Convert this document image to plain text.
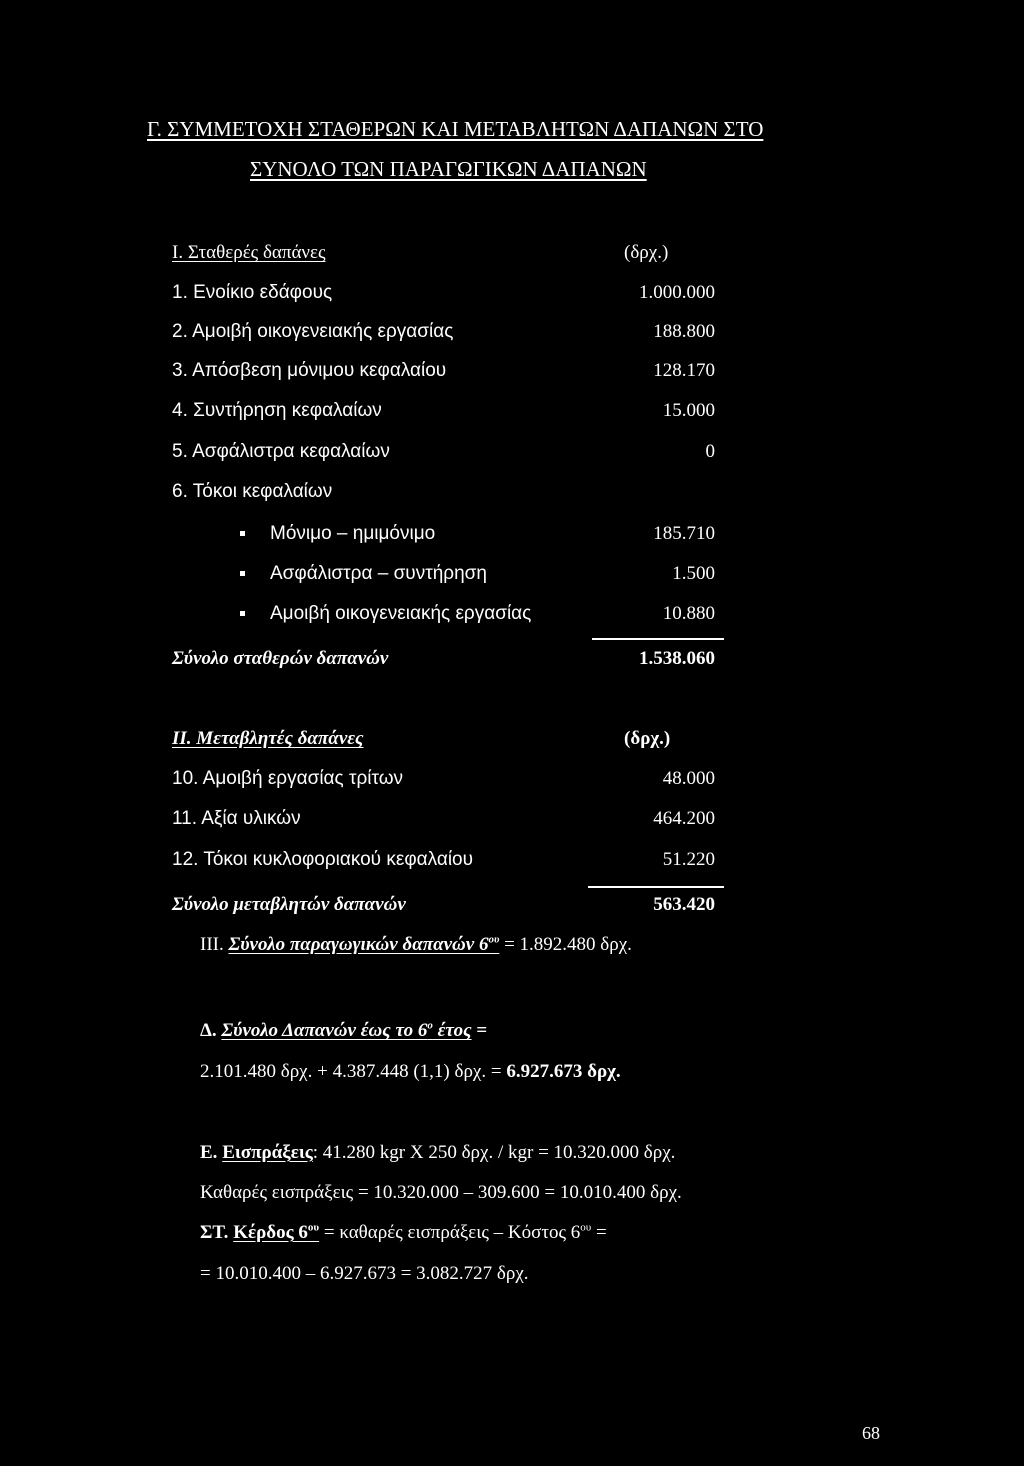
Γ. ΣΥΜΜΕΤΟΧΗ ΣΤΑΘΕΡΩΝ ΚΑΙ ΜΕΤΑΒΛΗΤΩΝ ΔΑΠΑΝΩΝ ΣΤΟ
ΣΥΝΟΛΟ ΤΩΝ ΠΑΡΑΓΩΓΙΚΩΝ ΔΑΠΑΝΩΝ
Ι. Σταθερές δαπάνες	(δρχ.)
1. Ενοίκιο εδάφους	1.000.000
2. Αμοιβή οικογενειακής εργασίας	188.800
3. Απόσβεση μόνιμου κεφαλαίου	128.170
4. Συντήρηση κεφαλαίων	15.000
5. Ασφάλιστρα κεφαλαίων	0
6. Τόκοι κεφαλαίων
Μόνιμο – ημιμόνιμο	185.710
Ασφάλιστρα – συντήρηση	1.500
Αμοιβή οικογενειακής εργασίας	10.880
Σύνολο σταθερών δαπανών	1.538.060
ΙΙ. Μεταβλητές δαπάνες	(δρχ.)
10. Αμοιβή εργασίας τρίτων	48.000
11. Αξία υλικών	464.200
12. Τόκοι κυκλοφοριακού κεφαλαίου	51.220
Σύνολο μεταβλητών δαπανών	563.420
ΙΙΙ. Σύνολο παραγωγικών δαπανών $6^{o\upsilon} = 1.892.480$ δρχ.
Δ. Σύνολο Δαπανών έως το $6^o$ έτος =
2.101.480 δρχ. + 4.387.448 (1,1) δρχ. = 6.927.673 δρχ.
Ε. Εισπράξεις: 41.280 kgr X 250 δρχ. / kgr = 10.320.000 δρχ.
Καθαρές εισπράξεις = 10.320.000 – 309.600 = 10.010.400 δρχ.
ΣΤ. Κέρδος $6^{o\upsilon} = \kappa\alpha\theta\alpha\rho έ\varsigma$ εισπράξεις – Κόστος $6^{o\upsilon}$ =
= 10.010.400 – 6.927.673 = 3.082.727 δρχ.
68
